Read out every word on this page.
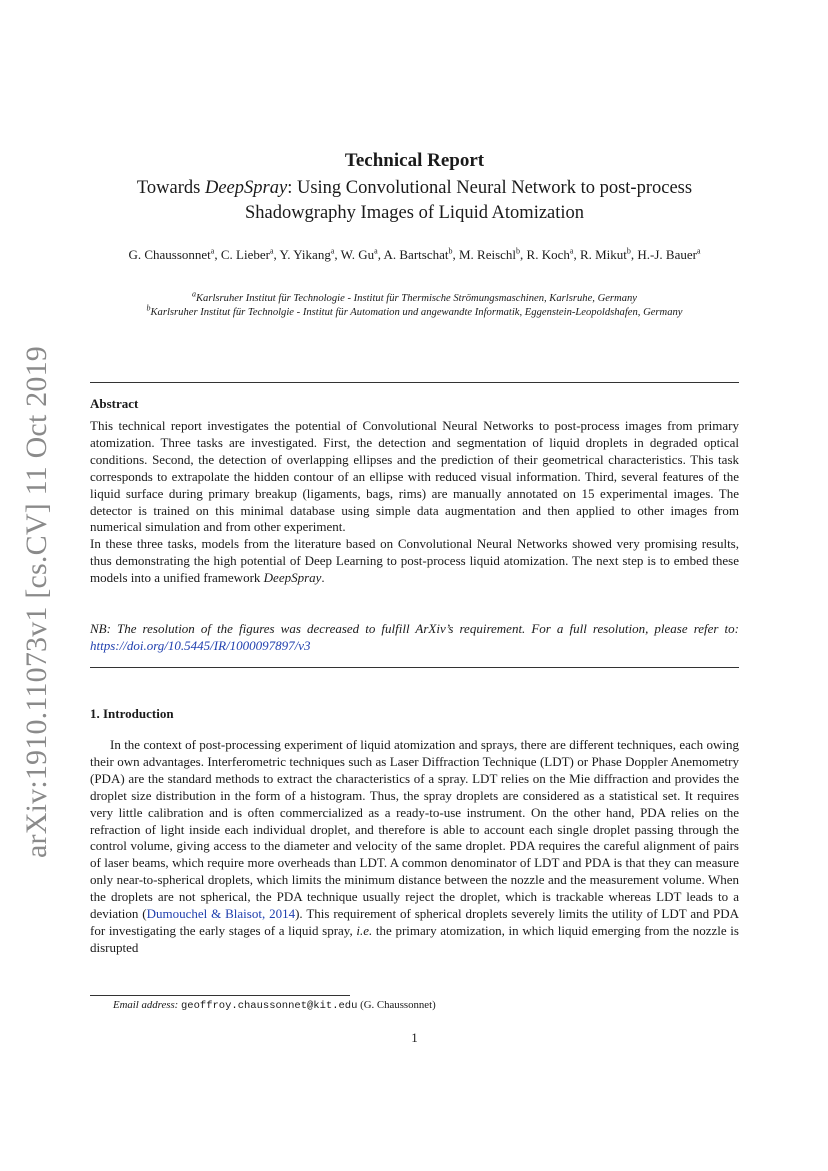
arXiv:1910.11073v1 [cs.CV] 11 Oct 2019
Technical Report
Towards DeepSpray: Using Convolutional Neural Network to post-process Shadowgraphy Images of Liquid Atomization
G. Chaussonnet$^a$, C. Lieber$^a$, Y. Yikang$^a$, W. Gu$^a$, A. Bartschat$^b$, M. Reischl$^b$, R. Koch$^a$, R. Mikut$^b$, H.-J. Bauer$^a$
$^a$Karlsruher Institut für Technologie - Institut für Thermische Strömungsmaschinen, Karlsruhe, Germany
$^b$Karlsruher Institut für Technolgie - Institut für Automation und angewandte Informatik, Eggenstein-Leopoldshafen, Germany
Abstract

This technical report investigates the potential of Convolutional Neural Networks to post-process images from primary atomization. Three tasks are investigated. First, the detection and segmentation of liquid droplets in degraded optical conditions. Second, the detection of overlapping ellipses and the prediction of their geometrical characteristics. This task corresponds to extrapolate the hidden contour of an ellipse with reduced visual information. Third, several features of the liquid surface during primary breakup (ligaments, bags, rims) are manually annotated on 15 experimental images. The detector is trained on this minimal database using simple data augmentation and then applied to other images from numerical simulation and from other experiment.

In these three tasks, models from the literature based on Convolutional Neural Networks showed very promising results, thus demonstrating the high potential of Deep Learning to post-process liquid atomization. The next step is to embed these models into a unified framework DeepSpray.

NB: The resolution of the figures was decreased to fulfill ArXiv’s requirement. For a full resolution, please refer to: https://doi.org/10.5445/IR/1000097897/v3
1. Introduction

In the context of post-processing experiment of liquid atomization and sprays, there are different techniques, each owing their own advantages. Interferometric techniques such as Laser Diffraction Technique (LDT) or Phase Doppler Anemometry (PDA) are the standard methods to extract the characteristics of a spray. LDT relies on the Mie diffraction and provides the droplet size distribution in the form of a histogram. Thus, the spray droplets are considered as a statistical set. It requires very little calibration and is often commercialized as a ready-to-use instrument. On the other hand, PDA relies on the refraction of light inside each individual droplet, and therefore is able to account each single droplet passing through the control volume, giving access to the diameter and velocity of the same droplet. PDA requires the careful alignment of pairs of laser beams, which require more overheads than LDT. A common denominator of LDT and PDA is that they can measure only near-to-spherical droplets, which limits the minimum distance between the nozzle and the measurement volume. When the droplets are not spherical, the PDA technique usually reject the droplet, which is trackable whereas LDT leads to a deviation (Dumouchel & Blaisot, 2014). This requirement of spherical droplets severely limits the utility of LDT and PDA for investigating the early stages of a liquid spray, i.e. the primary atomization, in which liquid emerging from the nozzle is disrupted

Email address: geoffroy.chaussonnet@kit.edu (G. Chaussonnet)
1
